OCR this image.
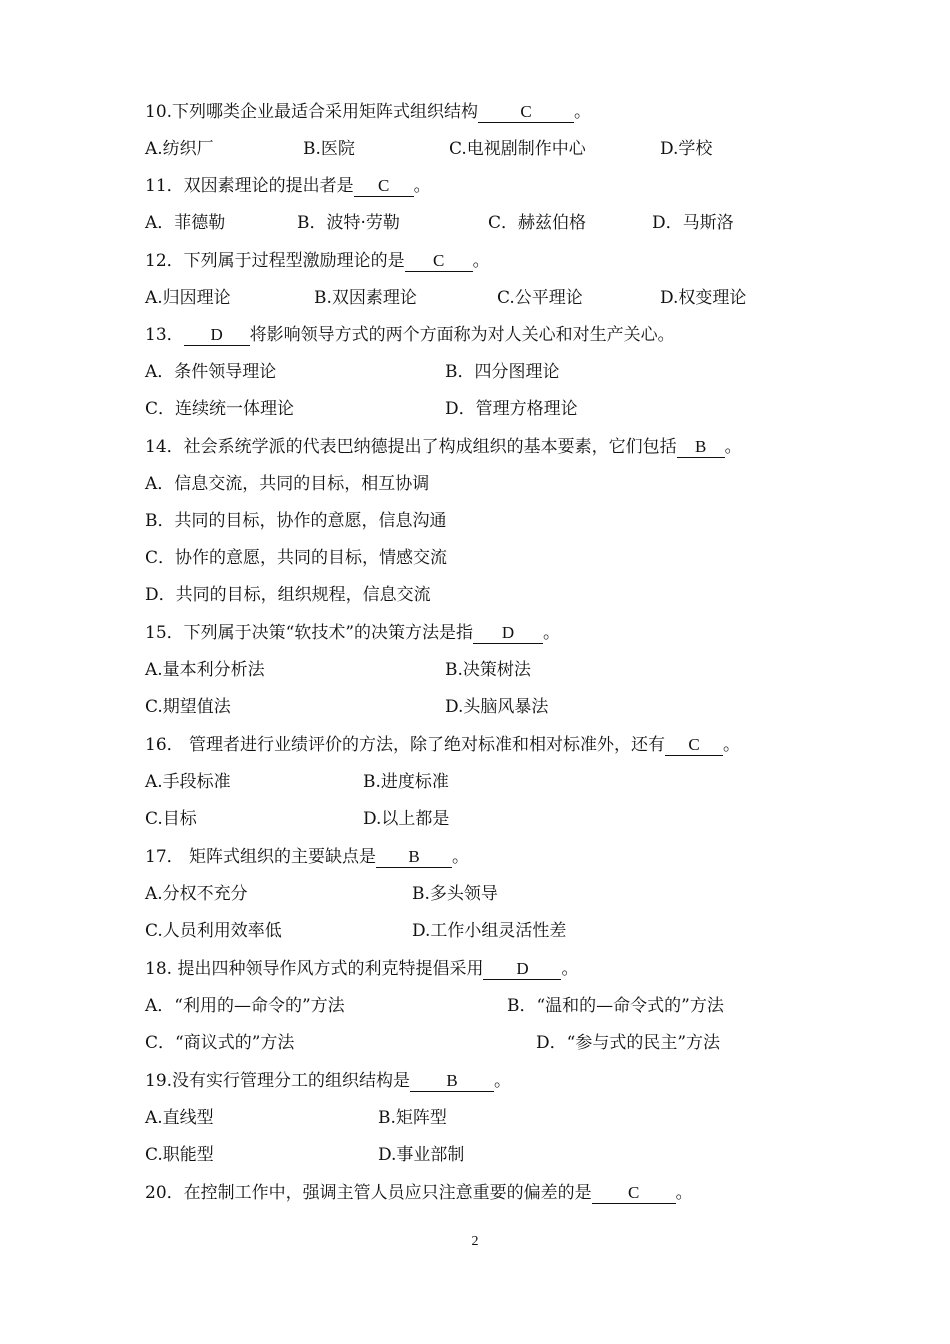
10.下列哪类企业最适合采用矩阵式组织结构 C 。
A.纺织厂	B.医院	C.电视剧制作中心	D.学校
11．双因素理论的提出者是 C 。
A．菲德勒	B．波特·劳勒	C．赫兹伯格	D．马斯洛
12．下列属于过程型激励理论的是 C 。
A.归因理论	B.双因素理论	C.公平理论	D.权变理论
13． D 将影响领导方式的两个方面称为对人关心和对生产关心。
A．条件领导理论	B．四分图理论
C．连续统一体理论	D．管理方格理论
14．社会系统学派的代表巴纳德提出了构成组织的基本要素，它们包括 B 。
A．信息交流，共同的目标，相互协调
B．共同的目标，协作的意愿，信息沟通
C．协作的意愿，共同的目标，情感交流
D．共同的目标，组织规程，信息交流
15．下列属于决策“软技术”的决策方法是指 D 。
A.量本利分析法	B.决策树法
C.期望值法	D.头脑风暴法
16． 管理者进行业绩评价的方法，除了绝对标准和相对标准外，还有 C 。
A.手段标准	B.进度标准
C.目标	D.以上都是
17． 矩阵式组织的主要缺点是 B 。
A.分权不充分	B.多头领导
C.人员利用效率低	D.工作小组灵活性差
18. 提出四种领导作风方式的利克特提倡采用 D 。
A．“利用的—命令的”方法	B．“温和的—命令式的”方法
C．“商议式的”方法	D．“参与式的民主”方法
19.没有实行管理分工的组织结构是 B 。
A.直线型	B.矩阵型
C.职能型	D.事业部制
20．在控制工作中，强调主管人员应只注意重要的偏差的是 C 。
2
